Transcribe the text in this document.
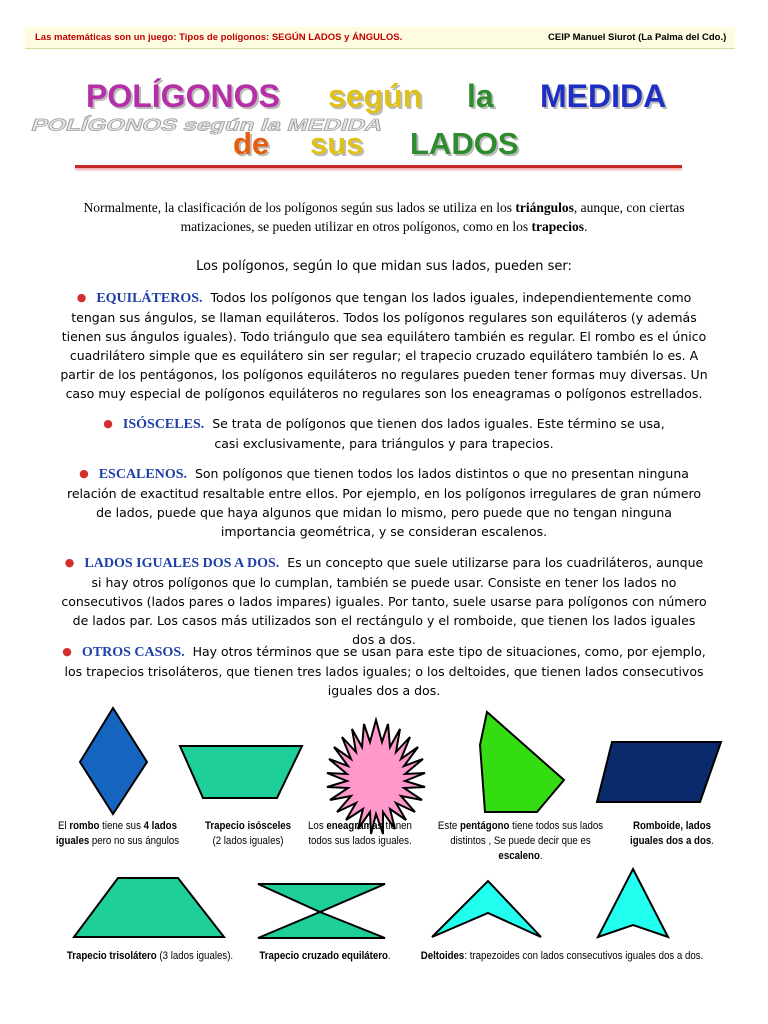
Las matemáticas son un juego: Tipos de polígonos: SEGÚN LADOS y ÁNGULOS.	CEIP Manuel Siurot (La Palma del Cdo.)
POLÍGONOS según la MEDIDA
POLÍGONOS según la MEDIDA
de sus LADOS
Normalmente, la clasificación de los polígonos según sus lados se utiliza en los triángulos, aunque, con ciertas matizaciones, se pueden utilizar en otros polígonos, como en los trapecios.
Los polígonos, según lo que midan sus lados, pueden ser:
● EQUILÁTEROS. Todos los polígonos que tengan los lados iguales, independientemente como tengan sus ángulos, se llaman equiláteros. Todos los polígonos regulares son equiláteros (y además tienen sus ángulos iguales). Todo triángulo que sea equilátero también es regular. El rombo es el único cuadrilátero simple que es equilátero sin ser regular; el trapecio cruzado equilátero también lo es. A partir de los pentágonos, los polígonos equiláteros no regulares pueden tener formas muy diversas. Un caso muy especial de polígonos equiláteros no regulares son los eneagramas o polígonos estrellados.
● ISÓSCELES. Se trata de polígonos que tienen dos lados iguales. Este término se usa, casi exclusivamente, para triángulos y para trapecios.
● ESCALENOS. Son polígonos que tienen todos los lados distintos o que no presentan ninguna relación de exactitud resaltable entre ellos. Por ejemplo, en los polígonos irregulares de gran número de lados, puede que haya algunos que midan lo mismo, pero puede que no tengan ninguna importancia geométrica, y se consideran escalenos.
● LADOS IGUALES DOS A DOS. Es un concepto que suele utilizarse para los cuadriláteros, aunque si hay otros polígonos que lo cumplan, también se puede usar. Consiste en tener los lados no consecutivos (lados pares o lados impares) iguales. Por tanto, suele usarse para polígonos con número de lados par. Los casos más utilizados son el rectángulo y el romboide, que tienen los lados iguales dos a dos.
● OTROS CASOS. Hay otros términos que se usan para este tipo de situaciones, como, por ejemplo, los trapecios trisoláteros, que tienen tres lados iguales; o los deltoides, que tienen lados consecutivos iguales dos a dos.
El rombo tiene sus 4 lados iguales pero no sus ángulos
Trapecio isósceles
(2 lados iguales)
Los eneagramas tienen todos sus lados iguales.
Este pentágono tiene todos sus lados distintos , Se puede decir que es escaleno.
Romboide, lados iguales dos a dos.
Trapecio trisolátero (3 lados iguales).	Trapecio cruzado equilátero.	Deltoides: trapezoides con lados consecutivos iguales dos a dos.
